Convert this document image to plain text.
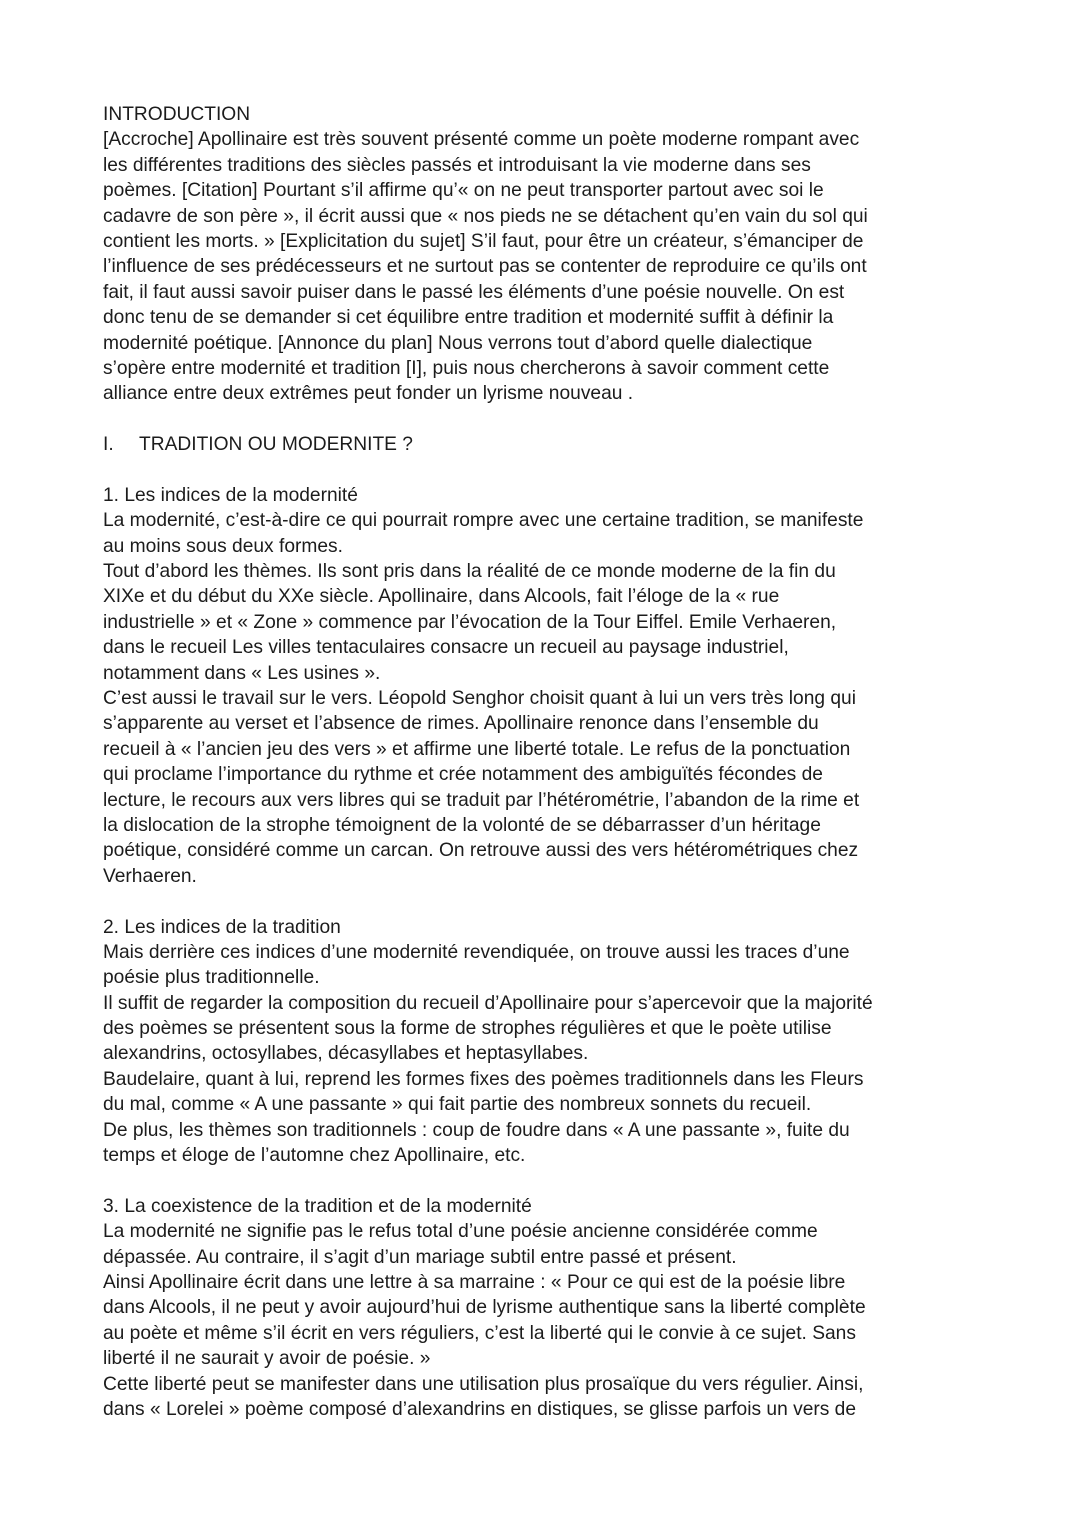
INTRODUCTION
[Accroche] Apollinaire est très souvent présenté comme un poète moderne rompant avec
les différentes traditions des siècles passés et introduisant la vie moderne dans ses
poèmes. [Citation] Pourtant s’il affirme qu’« on ne peut transporter partout avec soi le
cadavre de son père », il écrit aussi que « nos pieds ne se détachent qu’en vain du sol qui
contient les morts. » [Explicitation du sujet] S’il faut, pour être un créateur, s’émanciper de
l’influence de ses prédécesseurs et ne surtout pas se contenter de reproduire ce qu’ils ont
fait, il faut aussi savoir puiser dans le passé les éléments d’une poésie nouvelle. On est
donc tenu de se demander si cet équilibre entre tradition et modernité suffit à définir la
modernité poétique. [Annonce du plan] Nous verrons tout d’abord quelle dialectique
s’opère entre modernité et tradition [I], puis nous chercherons à savoir comment cette
alliance entre deux extrêmes peut fonder un lyrisme nouveau .
I. TRADITION OU MODERNITE ?
1. Les indices de la modernité
La modernité, c’est-à-dire ce qui pourrait rompre avec une certaine tradition, se manifeste
au moins sous deux formes.
Tout d’abord les thèmes. Ils sont pris dans la réalité de ce monde moderne de la fin du
XIXe et du début du XXe siècle. Apollinaire, dans Alcools, fait l’éloge de la « rue
industrielle » et « Zone » commence par l’évocation de la Tour Eiffel. Emile Verhaeren,
dans le recueil Les villes tentaculaires consacre un recueil au paysage industriel,
notamment dans « Les usines ».
C’est aussi le travail sur le vers. Léopold Senghor choisit quant à lui un vers très long qui
s’apparente au verset et l’absence de rimes. Apollinaire renonce dans l’ensemble du
recueil à « l’ancien jeu des vers » et affirme une liberté totale. Le refus de la ponctuation
qui proclame l’importance du rythme et crée notamment des ambiguïtés fécondes de
lecture, le recours aux vers libres qui se traduit par l’hétérométrie, l’abandon de la rime et
la dislocation de la strophe témoignent de la volonté de se débarrasser d’un héritage
poétique, considéré comme un carcan. On retrouve aussi des vers hétérométriques chez
Verhaeren.
2. Les indices de la tradition
Mais derrière ces indices d’une modernité revendiquée, on trouve aussi les traces d’une
poésie plus traditionnelle.
Il suffit de regarder la composition du recueil d’Apollinaire pour s’apercevoir que la majorité
des poèmes se présentent sous la forme de strophes régulières et que le poète utilise
alexandrins, octosyllabes, décasyllabes et heptasyllabes.
Baudelaire, quant à lui, reprend les formes fixes des poèmes traditionnels dans les Fleurs
du mal, comme « A une passante » qui fait partie des nombreux sonnets du recueil.
De plus, les thèmes son traditionnels : coup de foudre dans « A une passante », fuite du
temps et éloge de l’automne chez Apollinaire, etc.
3. La coexistence de la tradition et de la modernité
La modernité ne signifie pas le refus total d’une poésie ancienne considérée comme
dépassée. Au contraire, il s’agit d’un mariage subtil entre passé et présent.
Ainsi Apollinaire écrit dans une lettre à sa marraine : « Pour ce qui est de la poésie libre
dans Alcools, il ne peut y avoir aujourd’hui de lyrisme authentique sans la liberté complète
au poète et même s’il écrit en vers réguliers, c’est la liberté qui le convie à ce sujet. Sans
liberté il ne saurait y avoir de poésie. »
Cette liberté peut se manifester dans une utilisation plus prosaïque du vers régulier. Ainsi,
dans « Lorelei » poème composé d’alexandrins en distiques, se glisse parfois un vers de
